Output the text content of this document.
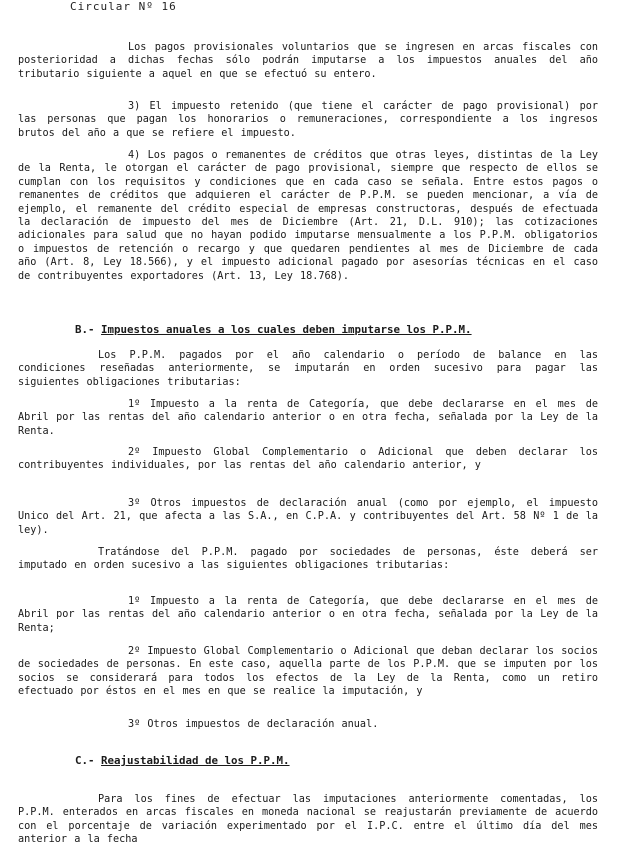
Circular Nº 16

Los pagos provisionales voluntarios que se ingresen en arcas fiscales con posterioridad a dichas fechas sólo podrán imputarse a los impuestos anuales del año tributario siguiente a aquel en que se efectuó su entero.

3) El impuesto retenido (que tiene el carácter de pago provisional) por las personas que pagan los honorarios o remuneraciones, correspondiente a los ingresos brutos del año a que se refiere el impuesto.

4) Los pagos o remanentes de créditos que otras leyes, distintas de la Ley de la Renta, le otorgan el carácter de pago provisional, siempre que respecto de ellos se cumplan con los requisitos y condiciones que en cada caso se señala. Entre estos pagos o remanentes de créditos que adquieren el carácter de P.P.M. se pueden mencionar, a vía de ejemplo, el remanente del crédito especial de empresas constructoras, después de efectuada la declaración de impuesto del mes de Diciembre (Art. 21, D.L. 910); las cotizaciones adicionales para salud que no hayan podido imputarse mensualmente a los P.P.M. obligatorios o impuestos de retención o recargo y que quedaren pendientes al mes de Diciembre de cada año (Art. 8, Ley 18.566), y el impuesto adicional pagado por asesorías técnicas en el caso de contribuyentes exportadores (Art. 13, Ley 18.768).

B.- Impuestos anuales a los cuales deben imputarse los P.P.M.

Los P.P.M. pagados por el año calendario o período de balance en las condiciones reseñadas anteriormente, se imputarán en orden sucesivo para pagar las siguientes obligaciones tributarias:

1º Impuesto a la renta de Categoría, que debe declararse en el mes de Abril por las rentas del año calendario anterior o en otra fecha, señalada por la Ley de la Renta.

2º Impuesto Global Complementario o Adicional que deben declarar los contribuyentes individuales, por las rentas del año calendario anterior, y

3º Otros impuestos de declaración anual (como por ejemplo, el impuesto Unico del Art. 21, que afecta a las S.A., en C.P.A. y contribuyentes del Art. 58 Nº 1 de la ley).

Tratándose del P.P.M. pagado por sociedades de personas, éste deberá ser imputado en orden sucesivo a las siguientes obligaciones tributarias:

1º Impuesto a la renta de Categoría, que debe declararse en el mes de Abril por las rentas del año calendario anterior o en otra fecha, señalada por la Ley de la Renta;

2º Impuesto Global Complementario o Adicional que deban declarar los socios de sociedades de personas. En este caso, aquella parte de los P.P.M. que se imputen por los socios se considerará para todos los efectos de la Ley de la Renta, como un retiro efectuado por éstos en el mes en que se realice la imputación, y

3º Otros impuestos de declaración anual.

C.- Reajustabilidad de los P.P.M.

Para los fines de efectuar las imputaciones anteriormente comentadas, los P.P.M. enterados en arcas fiscales en moneda nacional se reajustarán previamente de acuerdo con el porcentaje de variación experimentado por el I.P.C. entre el último día del mes anterior a la fecha
